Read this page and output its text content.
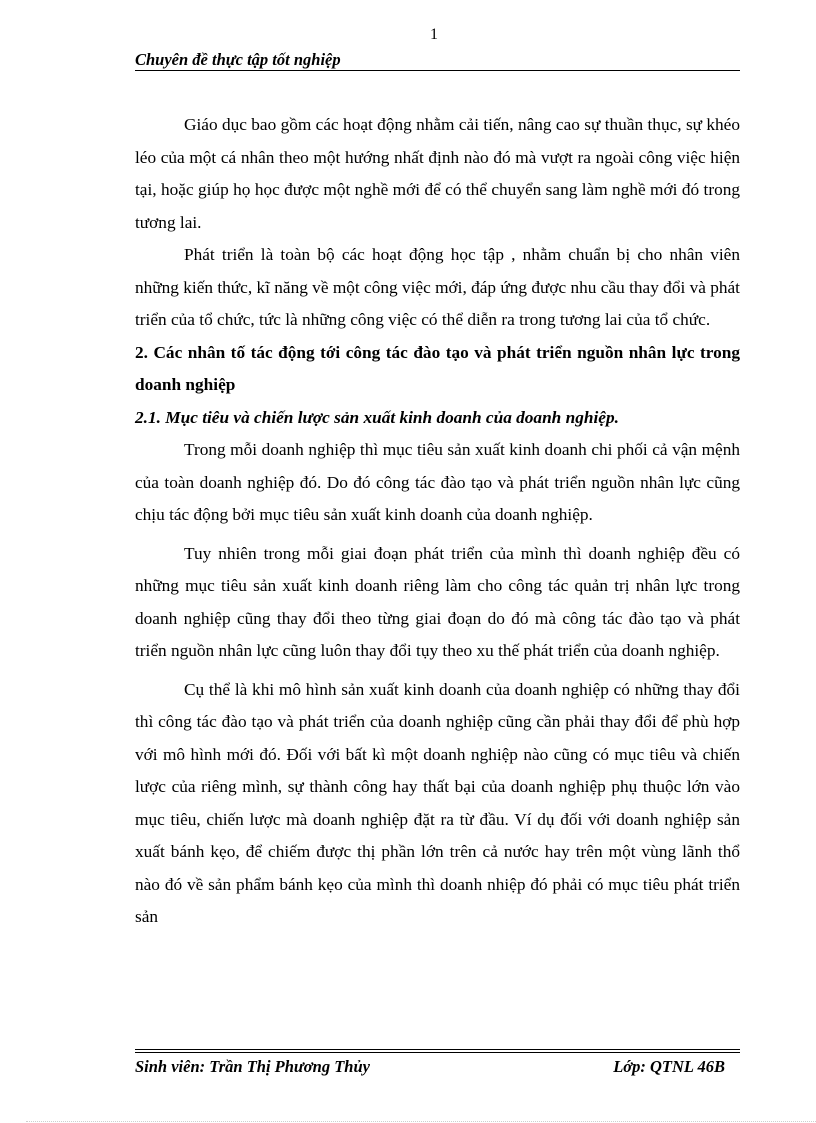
1
Chuyên đề thực tập tốt nghiệp

Giáo dục bao gồm các hoạt động nhằm cải tiến, nâng cao sự thuần thục, sự khéo léo của một cá nhân theo một hướng nhất định nào đó mà vượt ra ngoài công việc hiện tại, hoặc giúp họ học được một nghề mới để có thể chuyển sang làm nghề mới đó trong tương lai.

Phát triển là toàn bộ các hoạt động học tập , nhằm chuẩn bị cho nhân viên những kiến thức, kĩ năng về một công việc mới, đáp ứng được nhu cầu thay đổi và phát triển của tổ chức, tức là những công việc có thể diễn ra trong tương lai của tổ chức.

2. Các nhân tố tác động tới công tác đào tạo và phát triển nguồn nhân lực trong doanh nghiệp

2.1. Mục tiêu và chiến lược sản xuất kinh doanh của doanh nghiệp.

Trong mỗi doanh nghiệp thì mục tiêu sản xuất kinh doanh chi phối cả vận mệnh của toàn doanh nghiệp đó. Do đó công tác đào tạo và phát triển nguồn nhân lực cũng chịu tác động bởi mục tiêu sản xuất kinh doanh của doanh nghiệp.

Tuy nhiên trong mỗi giai đoạn phát triển của mình thì doanh nghiệp đều có những mục tiêu sản xuất kinh doanh riêng làm cho công tác quản trị nhân lực trong doanh nghiệp cũng thay đổi theo từng giai đoạn do đó mà công tác đào tạo và phát triển nguồn nhân lực cũng luôn thay đổi tụy theo xu thế phát triển của doanh nghiệp.

Cụ thể là khi mô hình sản xuất kinh doanh của doanh nghiệp có những thay đổi thì công tác đào tạo và phát triển của doanh nghiệp cũng cần phải thay đổi để phù hợp với mô hình mới đó. Đối với bất kì một doanh nghiệp nào cũng có mục tiêu và chiến lược của riêng mình, sự thành công hay thất bại của doanh nghiệp phụ thuộc lớn vào mục tiêu, chiến lược mà doanh nghiệp đặt ra từ đầu. Ví dụ đối với doanh nghiệp sản xuất bánh kẹo, để chiếm được thị phần lớn trên cả nước hay trên một vùng lãnh thổ nào đó về sản phẩm bánh kẹo của mình thì doanh nhiệp đó phải có mục tiêu phát triển sản

Sinh viên: Trần Thị Phương Thủy	Lớp: QTNL 46B
